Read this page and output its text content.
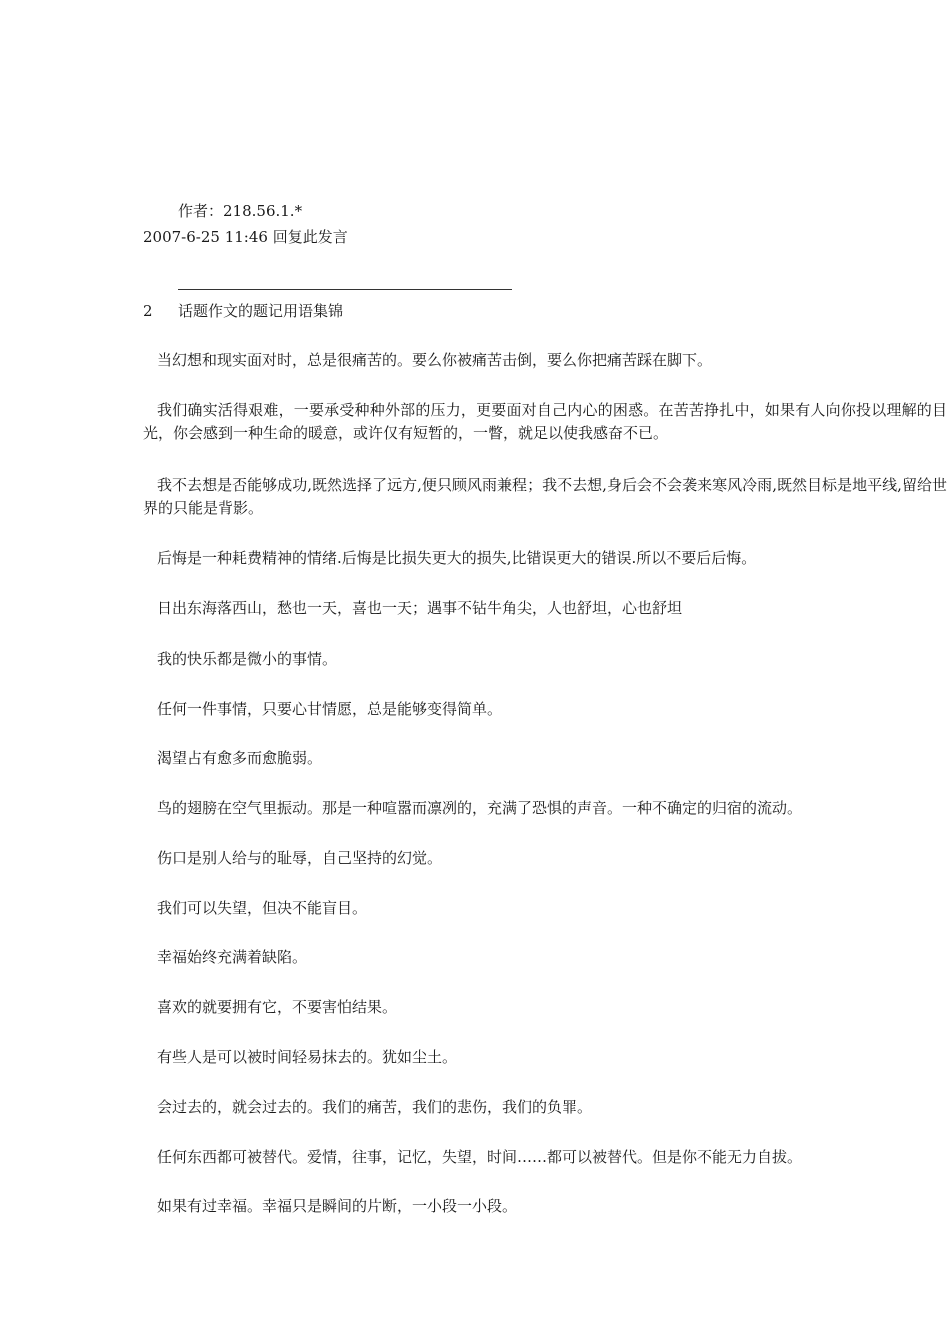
作者：218.56.1.*
2007-6-25 11:46 回复此发言
2 话题作文的题记用语集锦
当幻想和现实面对时，总是很痛苦的。要么你被痛苦击倒，要么你把痛苦踩在脚下。
我们确实活得艰难，一要承受种种外部的压力，更要面对自己内心的困惑。在苦苦挣扎中，如果有人向你投以理解的目光，你会感到一种生命的暖意，或许仅有短暂的，一瞥，就足以使我感奋不已。
我不去想是否能够成功,既然选择了远方,便只顾风雨兼程；我不去想,身后会不会袭来寒风冷雨,既然目标是地平线,留给世界的只能是背影。
后悔是一种耗费精神的情绪.后悔是比损失更大的损失,比错误更大的错误.所以不要后后悔。
日出东海落西山，愁也一天，喜也一天；遇事不钻牛角尖，人也舒坦，心也舒坦
我的快乐都是微小的事情。
任何一件事情，只要心甘情愿，总是能够变得简单。
渴望占有愈多而愈脆弱。
鸟的翅膀在空气里振动。那是一种喧嚣而凛冽的，充满了恐惧的声音。一种不确定的归宿的流动。
伤口是别人给与的耻辱，自己坚持的幻觉。
我们可以失望，但决不能盲目。
幸福始终充满着缺陷。
喜欢的就要拥有它，不要害怕结果。
有些人是可以被时间轻易抹去的。犹如尘土。
会过去的，就会过去的。我们的痛苦，我们的悲伤，我们的负罪。
任何东西都可被替代。爱情，往事，记忆，失望，时间……都可以被替代。但是你不能无力自拔。
如果有过幸福。幸福只是瞬间的片断，一小段一小段。
